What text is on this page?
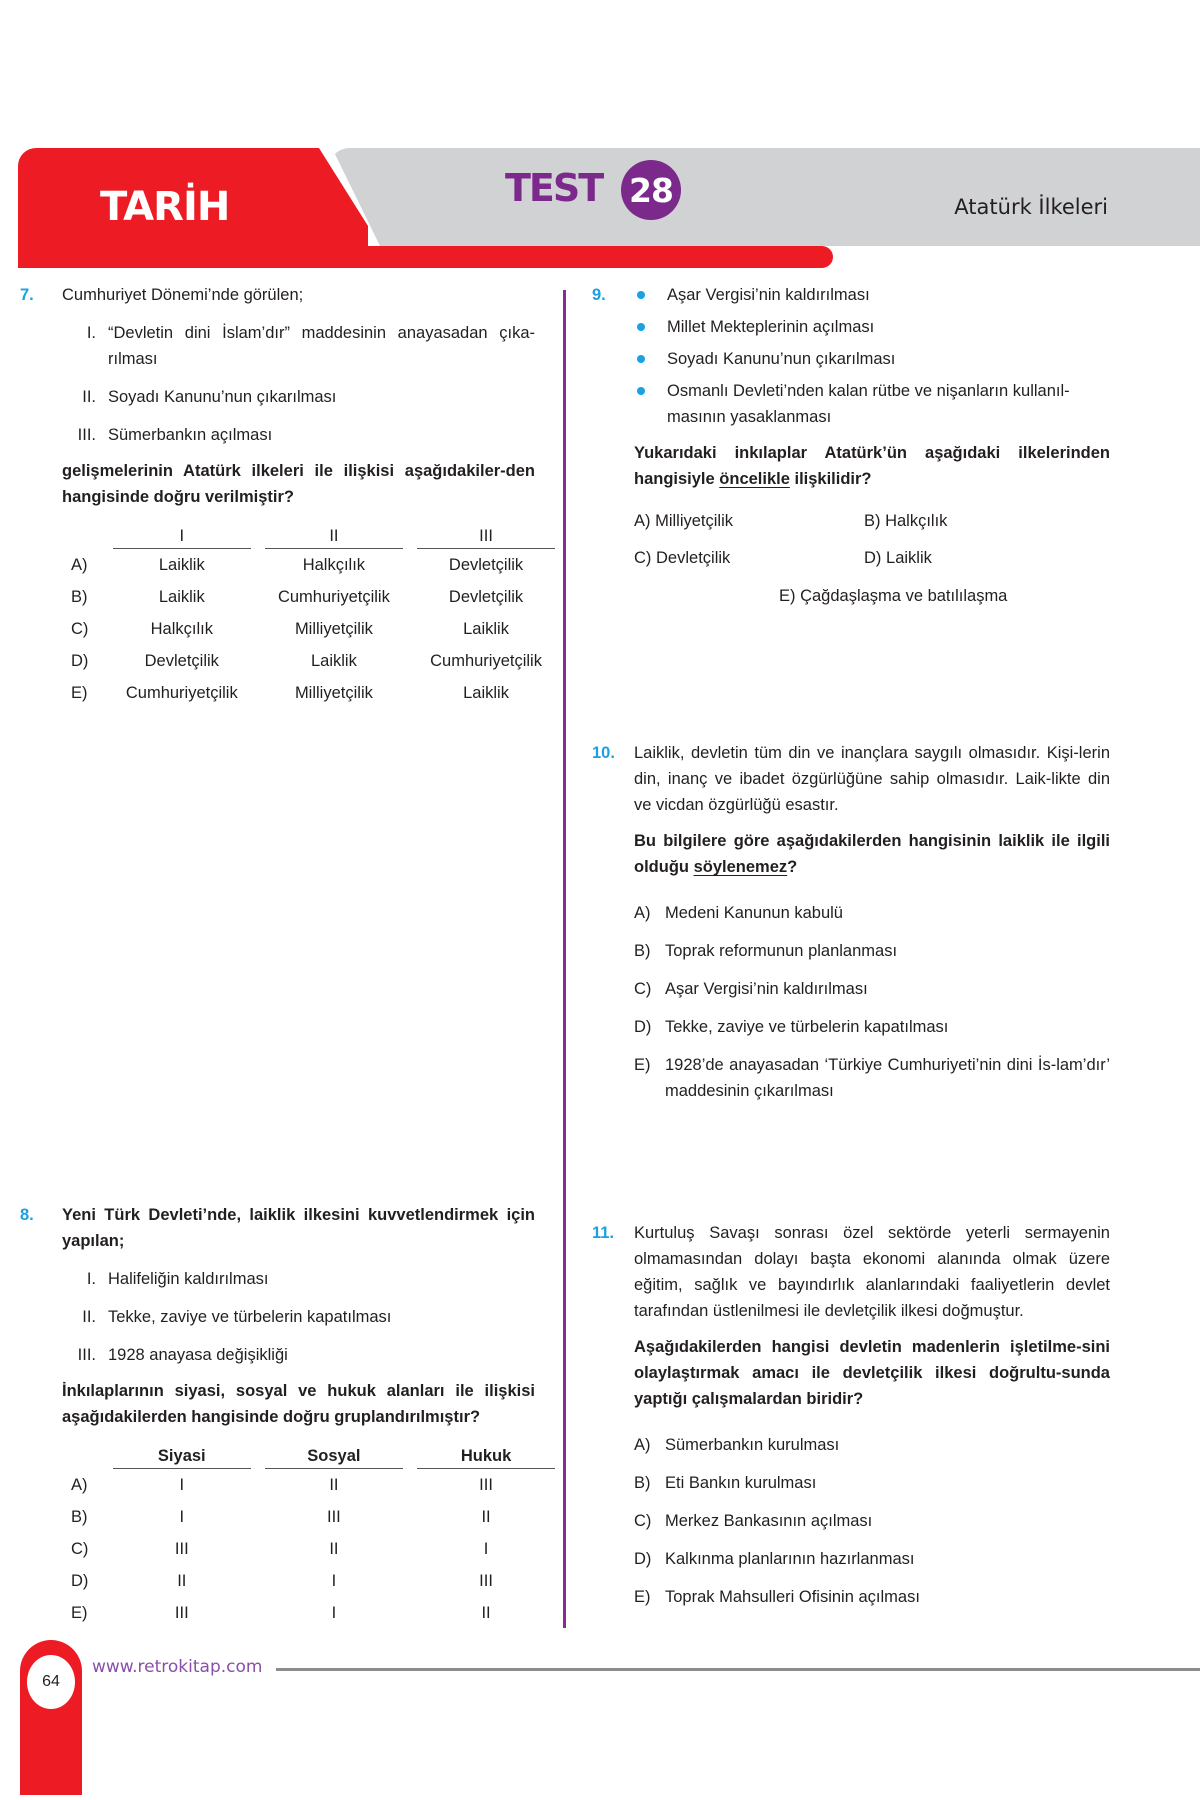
TARİH	TEST 28	Atatürk İlkeleri
7.	Cumhuriyet Dönemi’nde görülen;
I. “Devletin dini İslam’dır” maddesinin anayasadan çıka-rılması
II. Soyadı Kanunu’nun çıkarılması
III. Sümerbankın açılması
gelişmelerinin Atatürk ilkeleri ile ilişkisi aşağıdakiler-den hangisinde doğru verilmiştir?
	I		II		III
A)	Laiklik		Halkçılık		Devletçilik
B)	Laiklik		Cumhuriyetçilik		Devletçilik
C)	Halkçılık		Milliyetçilik		Laiklik
D)	Devletçilik		Laiklik		Cumhuriyetçilik
E)	Cumhuriyetçilik		Milliyetçilik		Laiklik
8.	Yeni Türk Devleti’nde, laiklik ilkesini kuvvetlendirmek için yapılan;
I. Halifeliğin kaldırılması
II. Tekke, zaviye ve türbelerin kapatılması
III. 1928 anayasa değişikliği
İnkılaplarının siyasi, sosyal ve hukuk alanları ile ilişkisi aşağıdakilerden hangisinde doğru gruplandırılmıştır?
	Siyasi		Sosyal		Hukuk
A)	I		II		III
B)	I		III		II
C)	III		II		I
D)	II		I		III
E)	III		I		II
9.	Aşar Vergisi’nin kaldırılması
Millet Mekteplerinin açılması
Soyadı Kanunu’nun çıkarılması
Osmanlı Devleti’nden kalan rütbe ve nişanların kullanıl-masının yasaklanması
Yukarıdaki inkılaplar Atatürk’ün aşağıdaki ilkelerinden hangisiyle öncelikle ilişkilidir?
A) Milliyetçilik	B) Halkçılık
C) Devletçilik	D) Laiklik
E) Çağdaşlaşma ve batılılaşma
10.	Laiklik, devletin tüm din ve inançlara saygılı olmasıdır. Kişi-lerin din, inanç ve ibadet özgürlüğüne sahip olmasıdır. Laik-likte din ve vicdan özgürlüğü esastır.
Bu bilgilere göre aşağıdakilerden hangisinin laiklik ile ilgili olduğu söylenemez?
A) Medeni Kanunun kabulü
B) Toprak reformunun planlanması
C) Aşar Vergisi’nin kaldırılması
D) Tekke, zaviye ve türbelerin kapatılması
E) 1928’de anayasadan ‘Türkiye Cumhuriyeti’nin dini İs-lam’dır’ maddesinin çıkarılması
11.	Kurtuluş Savaşı sonrası özel sektörde yeterli sermayenin olmamasından dolayı başta ekonomi alanında olmak üzere eğitim, sağlık ve bayındırlık alanlarındaki faaliyetlerin devlet tarafından üstlenilmesi ile devletçilik ilkesi doğmuştur.
Aşağıdakilerden hangisi devletin madenlerin işletilme-sini olaylaştırmak amacı ile devletçilik ilkesi doğrultu-sunda yaptığı çalışmalardan biridir?
A) Sümerbankın kurulması
B) Eti Bankın kurulması
C) Merkez Bankasının açılması
D) Kalkınma planlarının hazırlanması
E) Toprak Mahsulleri Ofisinin açılması
64
www.retrokitap.com
